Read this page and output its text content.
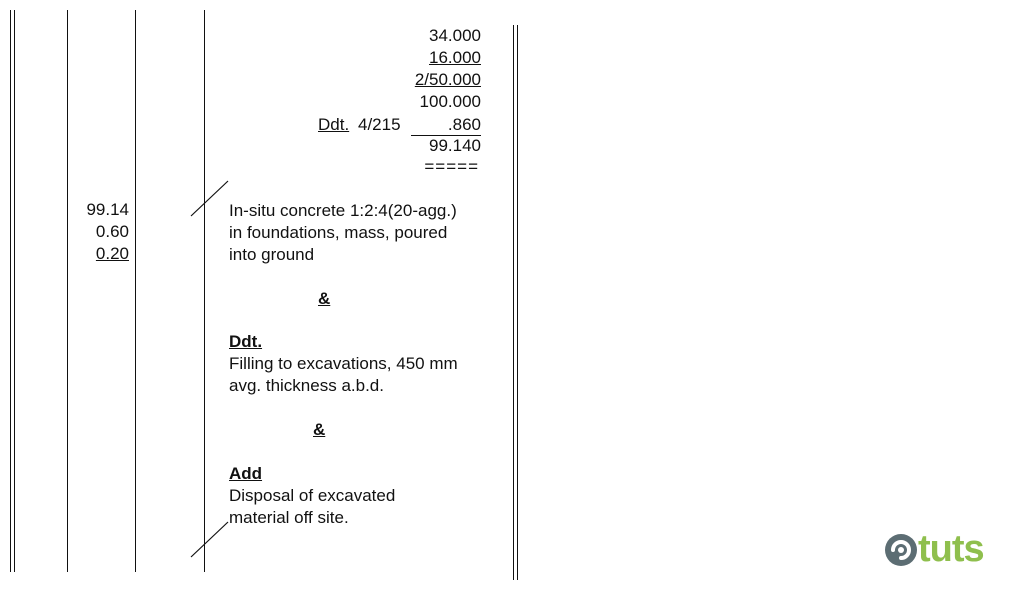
34.000
16.000
2/50.000
100.000
Ddt. 4/215	.860
99.140
=====
99.14
0.60
0.20
In-situ concrete 1:2:4(20-agg.)
in foundations, mass, poured
into ground
&
Ddt.
Filling to excavations, 450 mm
avg. thickness a.b.d.
&
Add
Disposal of excavated
material off site.
tuts
